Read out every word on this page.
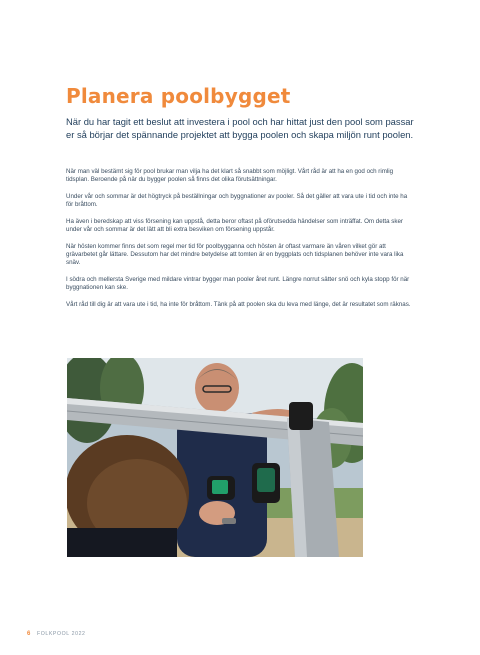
Planera poolbygget

När du har tagit ett beslut att investera i pool och har hittat just den pool som passar er så börjar det spännande projektet att bygga poolen och skapa miljön runt poolen.

När man väl bestämt sig för pool brukar man vilja ha det klart så snabbt som möjligt. Vårt råd är att ha en god och rimlig tidsplan. Beroende på när du bygger poolen så finns det olika förutsättningar.

Under vår och sommar är det högtryck på beställningar och byggnationer av pooler. Så det gäller att vara ute i tid och inte ha för bråttom.

Ha även i beredskap att viss försening kan uppstå, detta beror oftast på oförutsedda händelser som inträffat. Om detta sker under vår och sommar är det lätt att bli extra besviken om försening uppstår.

När hösten kommer finns det som regel mer tid för poolbygganna och hösten är oftast varmare än våren vilket gör att grävarbetet går lättare. Dessutom har det mindre betydelse att tomten är en byggplats och tidsplanen behöver inte vara lika snäv.

I södra och mellersta Sverige med mildare vintrar bygger man pooler året runt. Längre norrut sätter snö och kyla stopp för när byggnationen kan ske.

Vårt råd till dig är att vara ute i tid, ha inte för bråttom. Tänk på att poolen ska du leva med länge, det är resultatet som räknas.

6 FOLKPOOL 2022
